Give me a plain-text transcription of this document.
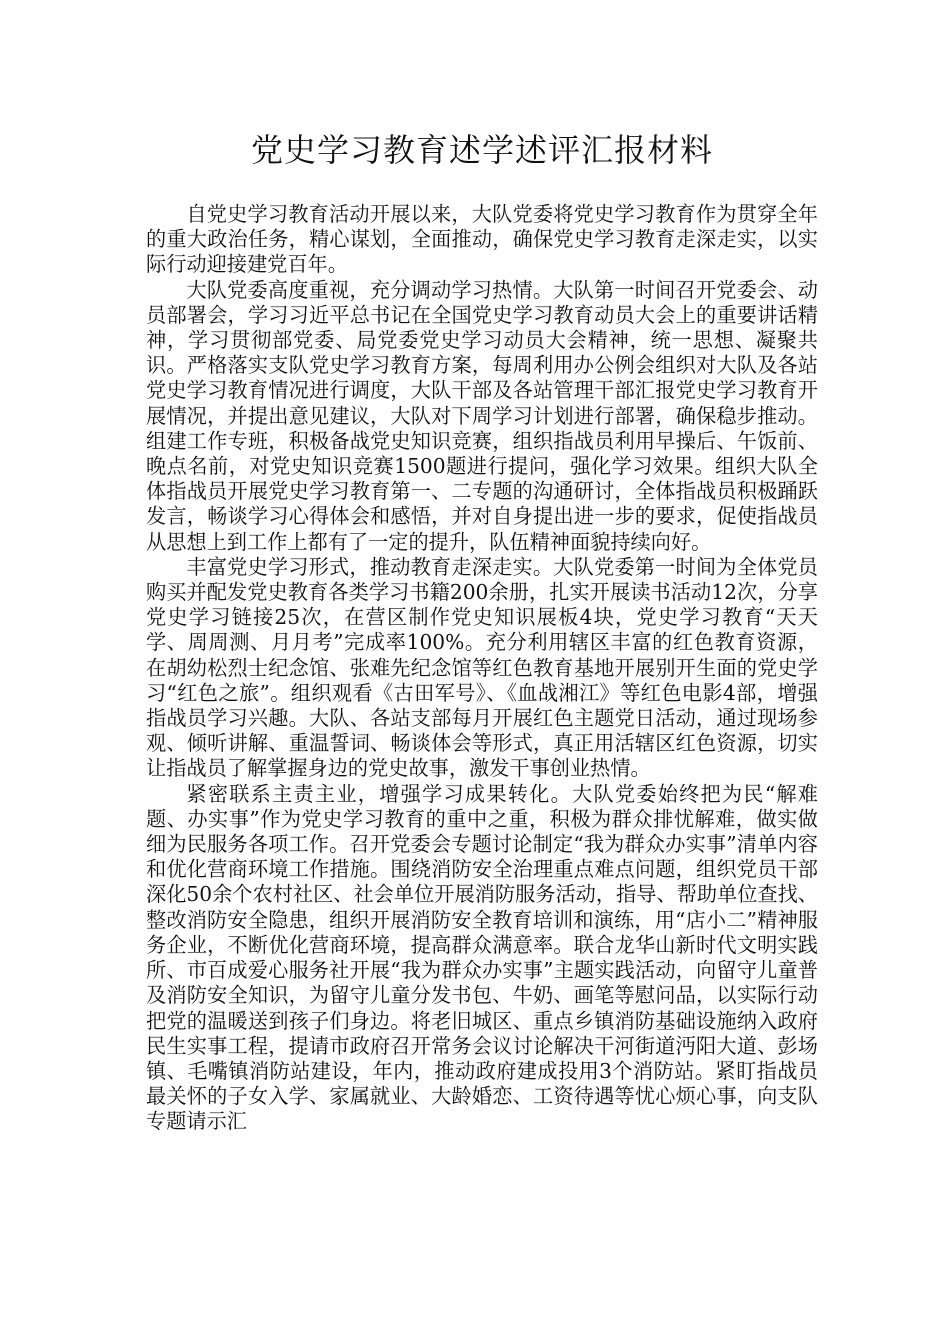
党史学习教育述学述评汇报材料

自党史学习教育活动开展以来，大队党委将党史学习教育作为贯穿全年的重大政治任务，精心谋划，全面推动，确保党史学习教育走深走实，以实际行动迎接建党百年。

大队党委高度重视，充分调动学习热情。大队第一时间召开党委会、动员部署会，学习习近平总书记在全国党史学习教育动员大会上的重要讲话精神，学习贯彻部党委、局党委党史学习动员大会精神，统一思想、凝聚共识。严格落实支队党史学习教育方案，每周利用办公例会组织对大队及各站党史学习教育情况进行调度，大队干部及各站管理干部汇报党史学习教育开展情况，并提出意见建议，大队对下周学习计划进行部署，确保稳步推动。组建工作专班，积极备战党史知识竞赛，组织指战员利用早操后、午饭前、晚点名前，对党史知识竞赛1500题进行提问，强化学习效果。组织大队全体指战员开展党史学习教育第一、二专题的沟通研讨，全体指战员积极踊跃发言，畅谈学习心得体会和感悟，并对自身提出进一步的要求，促使指战员从思想上到工作上都有了一定的提升，队伍精神面貌持续向好。

丰富党史学习形式，推动教育走深走实。大队党委第一时间为全体党员购买并配发党史教育各类学习书籍200余册，扎实开展读书活动12次，分享党史学习链接25次，在营区制作党史知识展板4块，党史学习教育“天天学、周周测、月月考”完成率100%。充分利用辖区丰富的红色教育资源，在胡幼松烈士纪念馆、张难先纪念馆等红色教育基地开展别开生面的党史学习“红色之旅”。组织观看《古田军号》、《血战湘江》等红色电影4部，增强指战员学习兴趣。大队、各站支部每月开展红色主题党日活动，通过现场参观、倾听讲解、重温誓词、畅谈体会等形式，真正用活辖区红色资源，切实让指战员了解掌握身边的党史故事，激发干事创业热情。

紧密联系主责主业，增强学习成果转化。大队党委始终把为民“解难题、办实事”作为党史学习教育的重中之重，积极为群众排忧解难，做实做细为民服务各项工作。召开党委会专题讨论制定“我为群众办实事”清单内容和优化营商环境工作措施。围绕消防安全治理重点难点问题，组织党员干部深化50余个农村社区、社会单位开展消防服务活动，指导、帮助单位查找、整改消防安全隐患，组织开展消防安全教育培训和演练，用“店小二”精神服务企业，不断优化营商环境，提高群众满意率。联合龙华山新时代文明实践所、市百成爱心服务社开展“我为群众办实事”主题实践活动，向留守儿童普及消防安全知识，为留守儿童分发书包、牛奶、画笔等慰问品，以实际行动把党的温暖送到孩子们身边。将老旧城区、重点乡镇消防基础设施纳入政府民生实事工程，提请市政府召开常务会议讨论解决干河街道沔阳大道、彭场镇、毛嘴镇消防站建设，年内，推动政府建成投用3个消防站。紧盯指战员最关怀的子女入学、家属就业、大龄婚恋、工资待遇等忧心烦心事，向支队专题请示汇
